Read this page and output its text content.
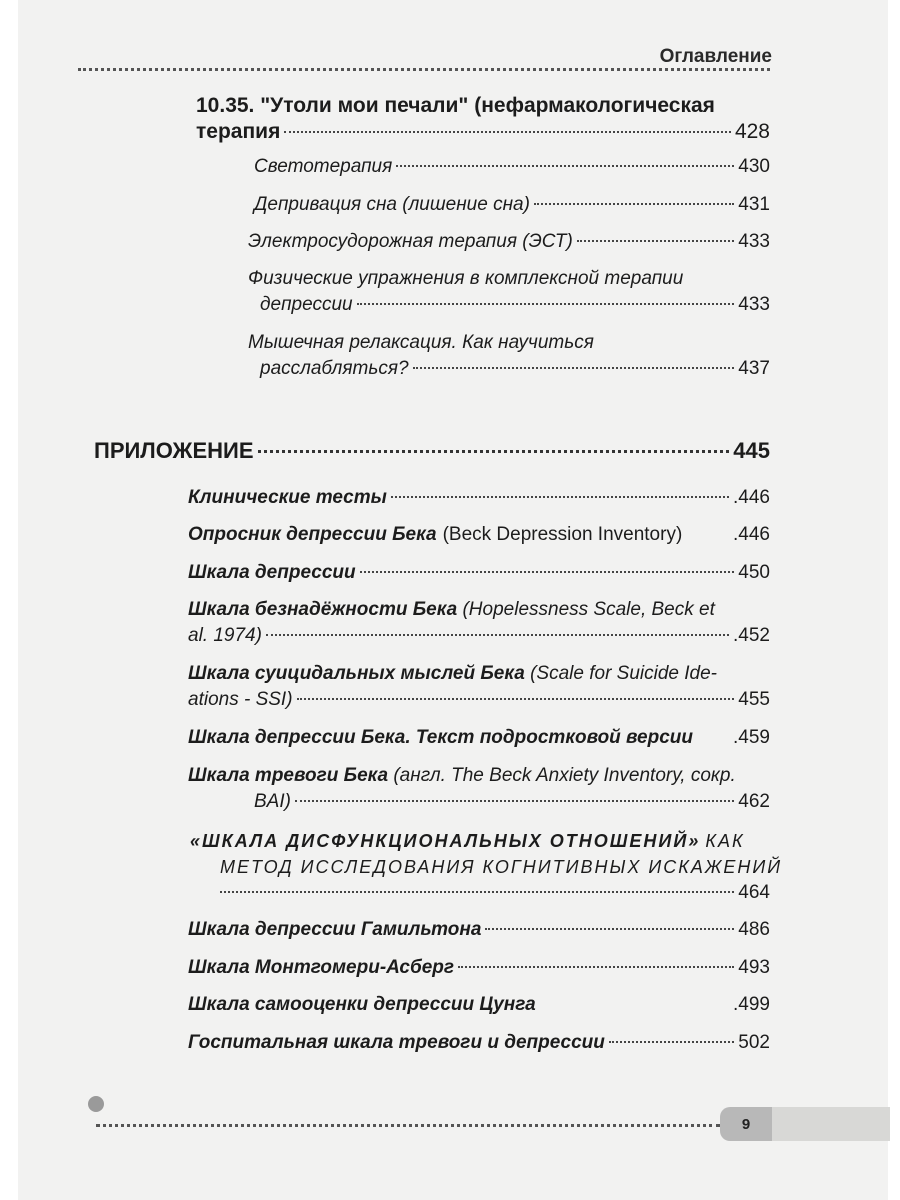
Оглавление
10.35. "Утоли мои печали" (нефармакологическая
терапия	428
Светотерапия	430
Депривация сна (лишение сна)	431
Электросудорожная терапия (ЭСТ)	433
Физические упражнения в комплексной терапии
депрессии	433
Мышечная релаксация. Как научиться
расслабляться?	437
ПРИЛОЖЕНИЕ	445
Клинические тесты	.446
Опросник депрессии Бека (Beck Depression Inventory)	.446
Шкала депрессии	450
Шкала безнадёжности Бека (Hopelessness Scale, Beck et
al. 1974)	.452
Шкала суицидальных мыслей Бека (Scale for Suicide Ide-
ations - SSI)	455
Шкала депрессии Бека. Текст подростковой версии .459
Шкала тревоги Бека (англ. The Beck Anxiety Inventory, сокр.
BAI)	462
«ШКАЛА ДИСФУНКЦИОНАЛЬНЫХ ОТНОШЕНИЙ» КАК
МЕТОД ИССЛЕДОВАНИЯ КОГНИТИВНЫХ ИСКАЖЕНИЙ
464
Шкала депрессии Гамильтона	486
Шкала Монтгомери-Асберг	493
Шкала самооценки депрессии Цунга	.499
Госпитальная шкала тревоги и депрессии	502
9
